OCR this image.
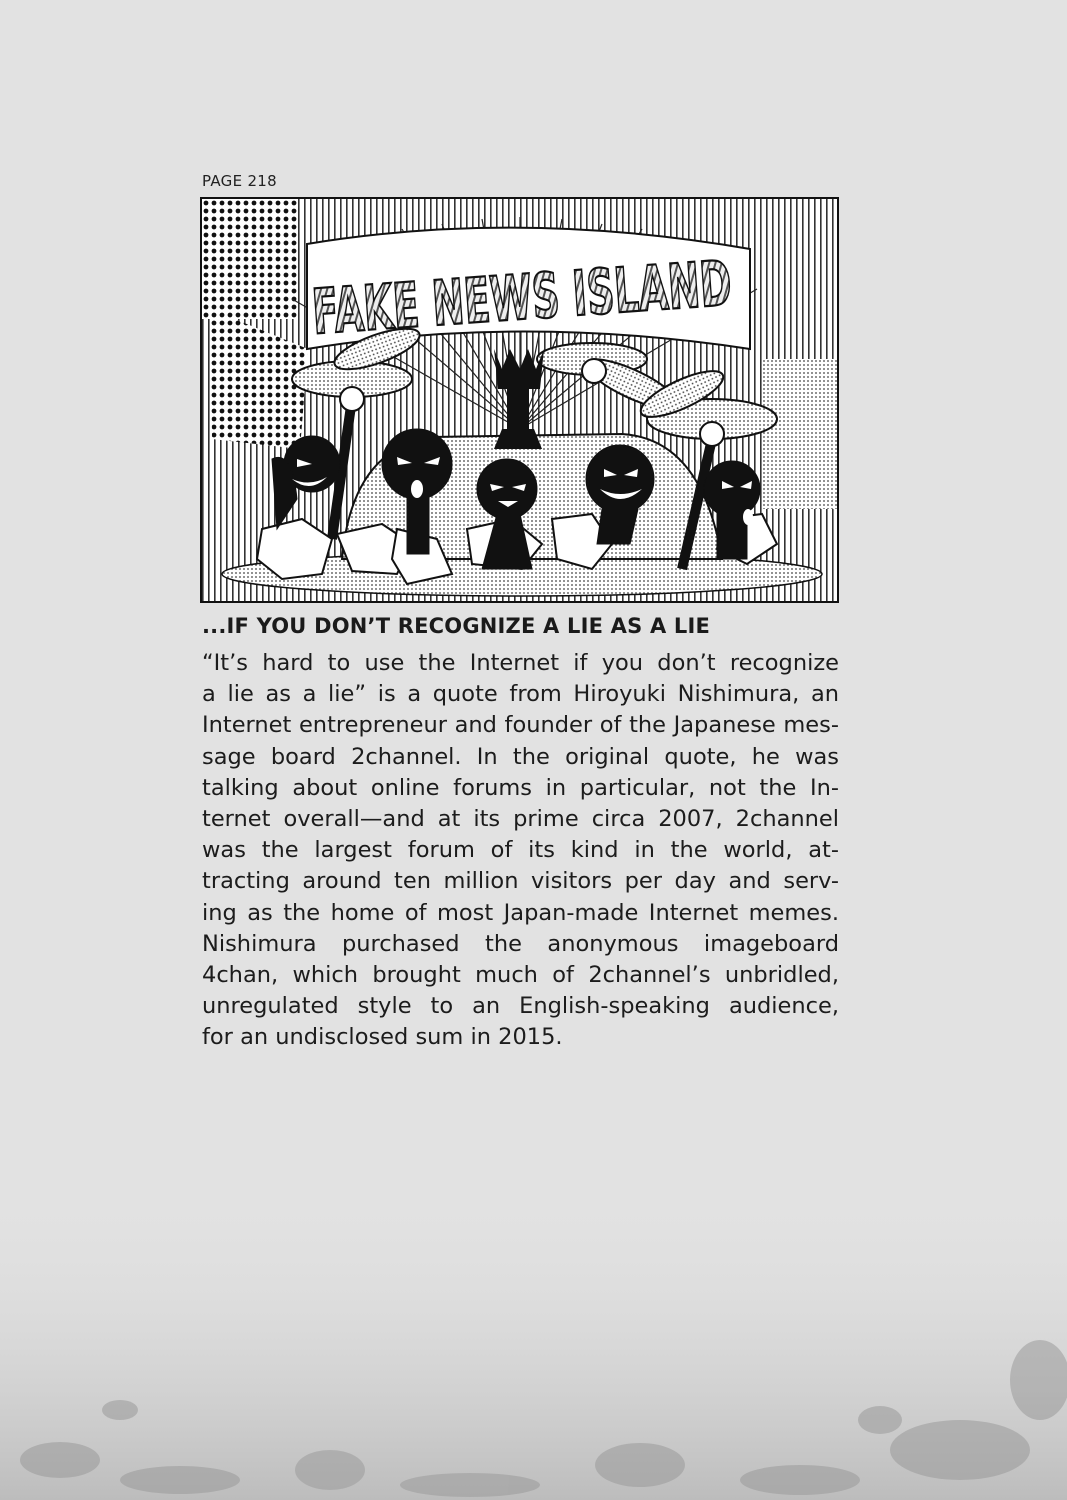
PAGE 218
FAKE NEWS ISLAND
...IF YOU DON’T RECOGNIZE A LIE AS A LIE
“It’s hard to use the Internet if you don’t recognize
a lie as a lie” is a quote from Hiroyuki Nishimura, an
Internet entrepreneur and founder of the Japanese mes-
sage board 2channel. In the original quote, he was
talking about online forums in particular, not the In-
ternet overall—and at its prime circa 2007, 2channel
was the largest forum of its kind in the world, at-
tracting around ten million visitors per day and serv-
ing as the home of most Japan-made Internet memes.
Nishimura purchased the anonymous imageboard
4chan, which brought much of 2channel’s unbridled,
unregulated style to an English-speaking audience,
for an undisclosed sum in 2015.
